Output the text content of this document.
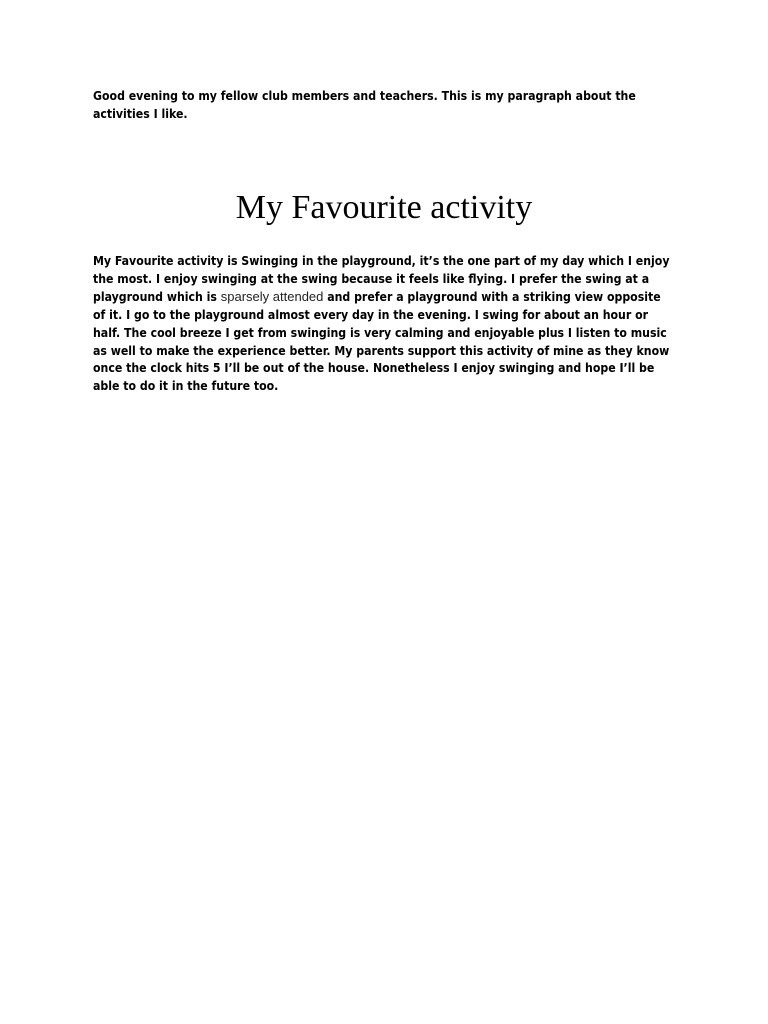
Good evening to my fellow club members and teachers. This is my paragraph about the activities I like.

My Favourite activity

My Favourite activity is Swinging in the playground, it’s the one part of my day which I enjoy the most. I enjoy swinging at the swing because it feels like flying. I prefer the swing at a playground which is sparsely attended and prefer a playground with a striking view opposite of it. I go to the playground almost every day in the evening. I swing for about an hour or half. The cool breeze I get from swinging is very calming and enjoyable plus I listen to music as well to make the experience better. My parents support this activity of mine as they know once the clock hits 5 I’ll be out of the house. Nonetheless I enjoy swinging and hope I’ll be able to do it in the future too.
